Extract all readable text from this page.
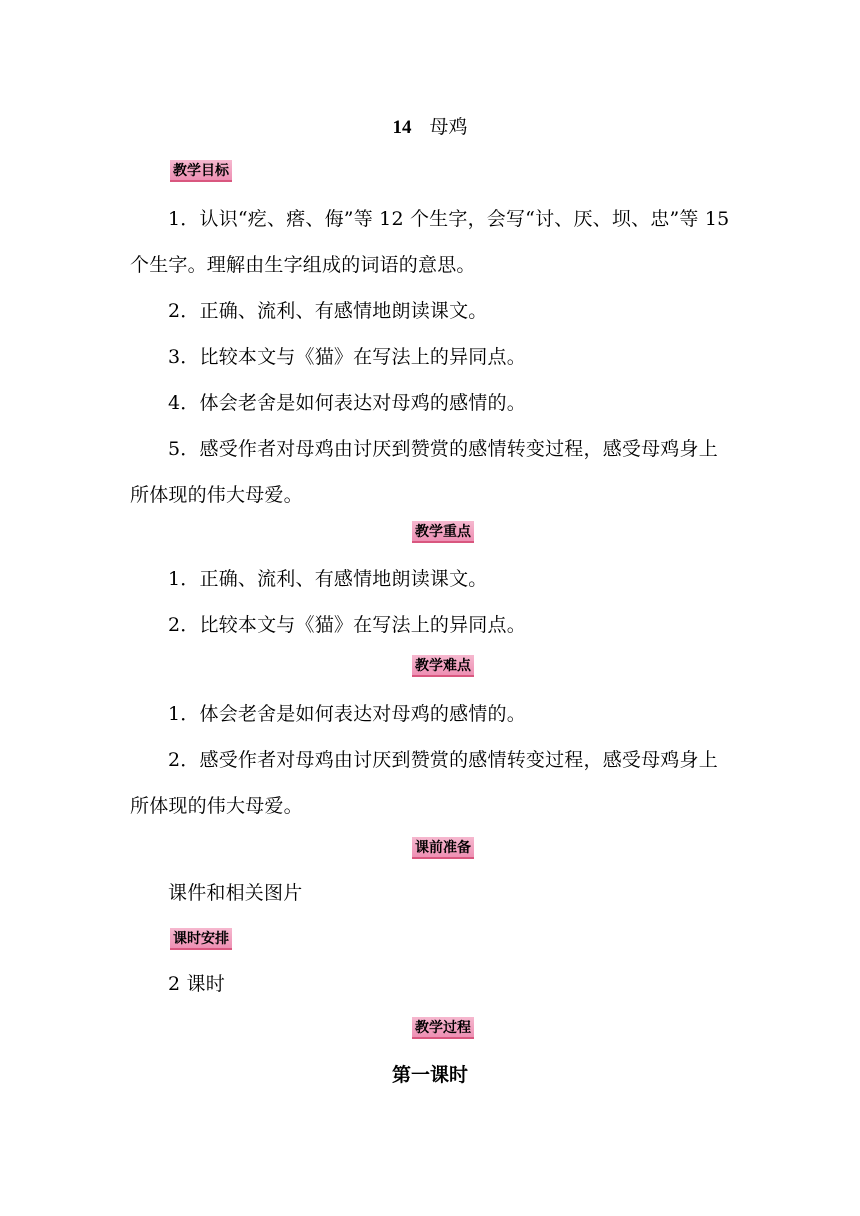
14 母鸡
教学目标
1．认识“疙、瘩、侮”等 12 个生字，会写“讨、厌、坝、忠”等 15 个生字。理解由生字组成的词语的意思。
2．正确、流利、有感情地朗读课文。
3．比较本文与《猫》在写法上的异同点。
4．体会老舍是如何表达对母鸡的感情的。
5．感受作者对母鸡由讨厌到赞赏的感情转变过程，感受母鸡身上所体现的伟大母爱。
教学重点
1．正确、流利、有感情地朗读课文。
2．比较本文与《猫》在写法上的异同点。
教学难点
1．体会老舍是如何表达对母鸡的感情的。
2．感受作者对母鸡由讨厌到赞赏的感情转变过程，感受母鸡身上所体现的伟大母爱。
课前准备
课件和相关图片
课时安排
2 课时
教学过程
第一课时
